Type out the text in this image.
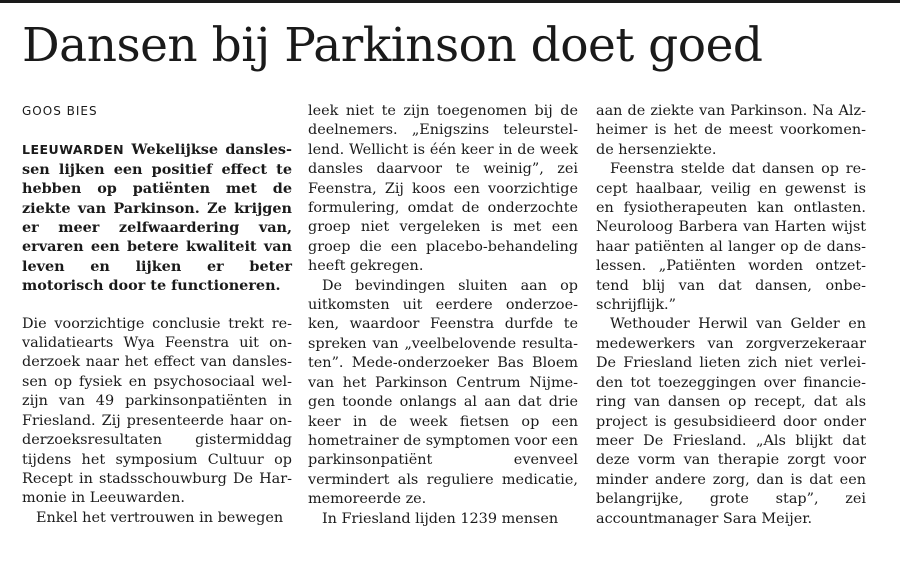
Dansen bij Parkinson doet goed
GOOS BIES

LEEUWARDEN Wekelijkse danslessen lijken een positief effect te hebben op patiënten met de ziekte van Parkinson. Ze krijgen er meer zelfwaardering van, ervaren een betere kwaliteit van leven en lijken er beter motorisch door te functioneren.

Die voorzichtige conclusie trekt revalidatiearts Wya Feenstra uit onderzoek naar het effect van danslessen op fysiek en psychosociaal welzijn van 49 parkinsonpatiënten in Friesland. Zij presenteerde haar onderzoeksresultaten gistermiddag tijdens het symposium Cultuur op Recept in stadsschouwburg De Harmonie in Leeuwarden.

Enkel het vertrouwen in bewegen

leek niet te zijn toegenomen bij de deelnemers. „Enigszins teleurstellend. Wellicht is één keer in de week dansles daarvoor te weinig”, zei Feenstra, Zij koos een voorzichtige formulering, omdat de onderzochte groep niet vergeleken is met een groep die een placebo-behandeling heeft gekregen.

De bevindingen sluiten aan op uitkomsten uit eerdere onderzoeken, waardoor Feenstra durfde te spreken van „veelbelovende resultaten”. Mede-onderzoeker Bas Bloem van het Parkinson Centrum Nijmegen toonde onlangs al aan dat drie keer in de week fietsen op een hometrainer de symptomen voor een parkinsonpatiënt evenveel vermindert als reguliere medicatie, memoreerde ze.

In Friesland lijden 1239 mensen

aan de ziekte van Parkinson. Na Alzheimer is het de meest voorkomende hersenziekte.

Feenstra stelde dat dansen op recept haalbaar, veilig en gewenst is en fysiotherapeuten kan ontlasten. Neuroloog Barbera van Harten wijst haar patiënten al langer op de danslessen. „Patiënten worden ontzettend blij van dat dansen, onbeschrijflijk.”

Wethouder Herwil van Gelder en medewerkers van zorgverzekeraar De Friesland lieten zich niet verleiden tot toezeggingen over financiering van dansen op recept, dat als project is gesubsidieerd door onder meer De Friesland. „Als blijkt dat deze vorm van therapie zorgt voor minder andere zorg, dan is dat een belangrijke, grote stap”, zei accountmanager Sara Meijer.
